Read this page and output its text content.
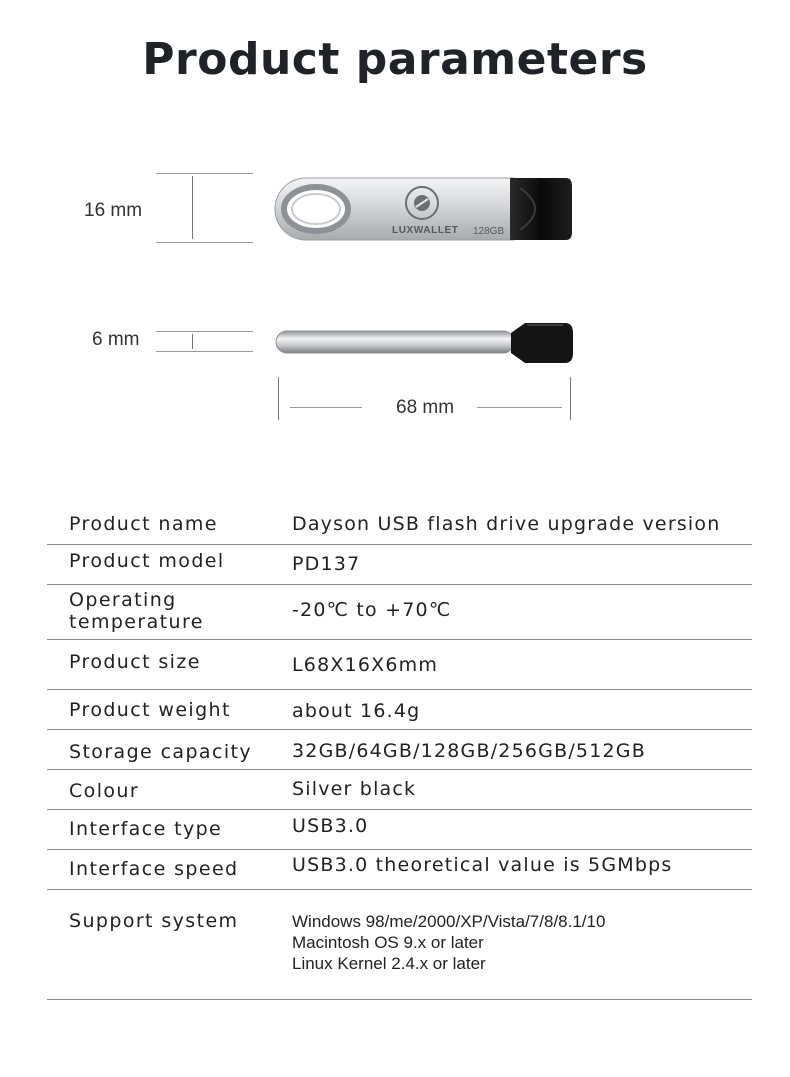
Product parameters
16 mm
6 mm
68 mm
LUXWALLET 128GB
Product name	Dayson USB flash drive upgrade version
Product model	PD137
Operating
temperature
-20℃ to +70℃
Product size	L68X16X6mm
Product weight	about 16.4g
Storage capacity 32GB/64GB/128GB/256GB/512GB
Colour	Silver black
Interface type	USB3.0
Interface speed	USB3.0 theoretical value is 5GMbps
Support system	Windows 98/me/2000/XP/Vista/7/8/8.1/10
Macintosh OS 9.x or later
Linux Kernel 2.4.x or later
